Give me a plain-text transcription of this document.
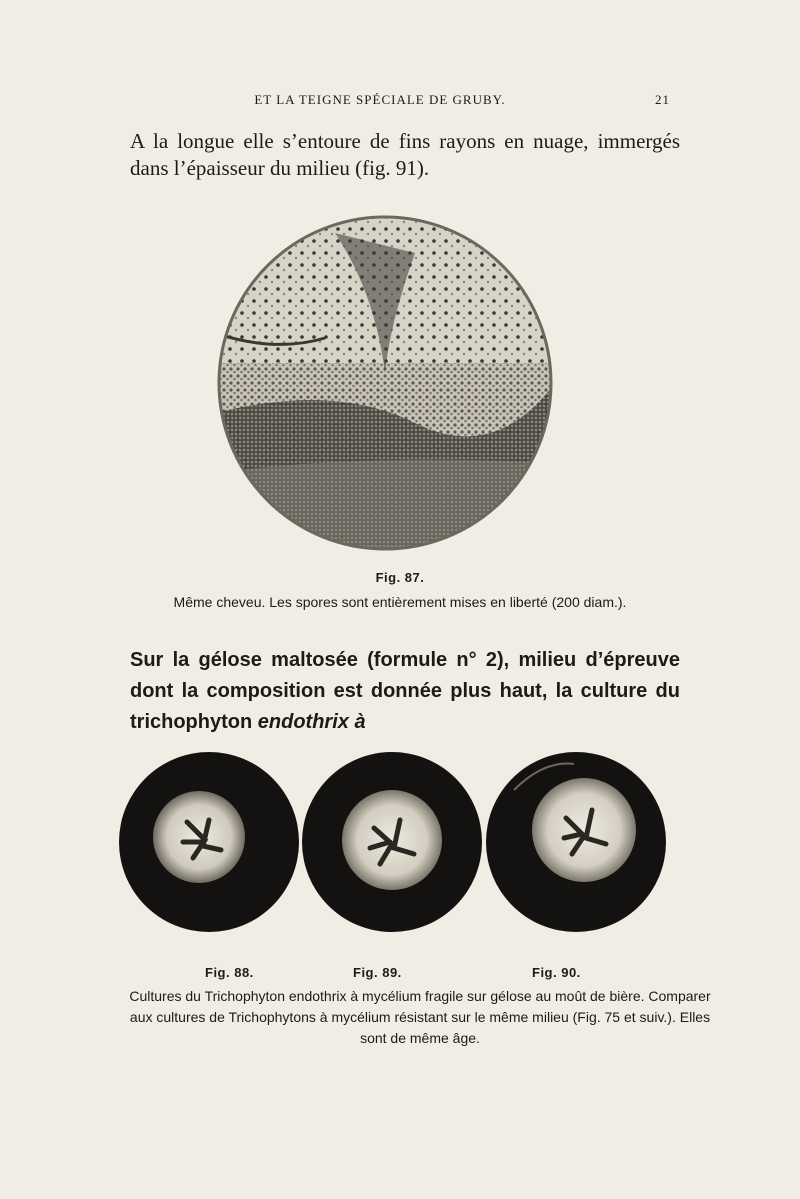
ET LA TEIGNE SPÉCIALE DE GRUBY.	21

A la longue elle s’entoure de fins rayons en nuage, immergés dans l’épaisseur du milieu (fig. 91).

Fig. 87.
Même cheveu. Les spores sont entièrement mises en liberté (200 diam.).

Sur la gélose maltosée (formule n° 2), milieu d’épreuve dont la composition est donnée plus haut, la culture du trichophyton endothrix à

Fig. 88.	Fig. 89.	Fig. 90.
Cultures du Trichophyton endothrix à mycélium fragile sur gélose au moût de bière. Comparer aux cultures de Trichophytons à mycélium résistant sur le même milieu (Fig. 75 et suiv.). Elles sont de même âge.
